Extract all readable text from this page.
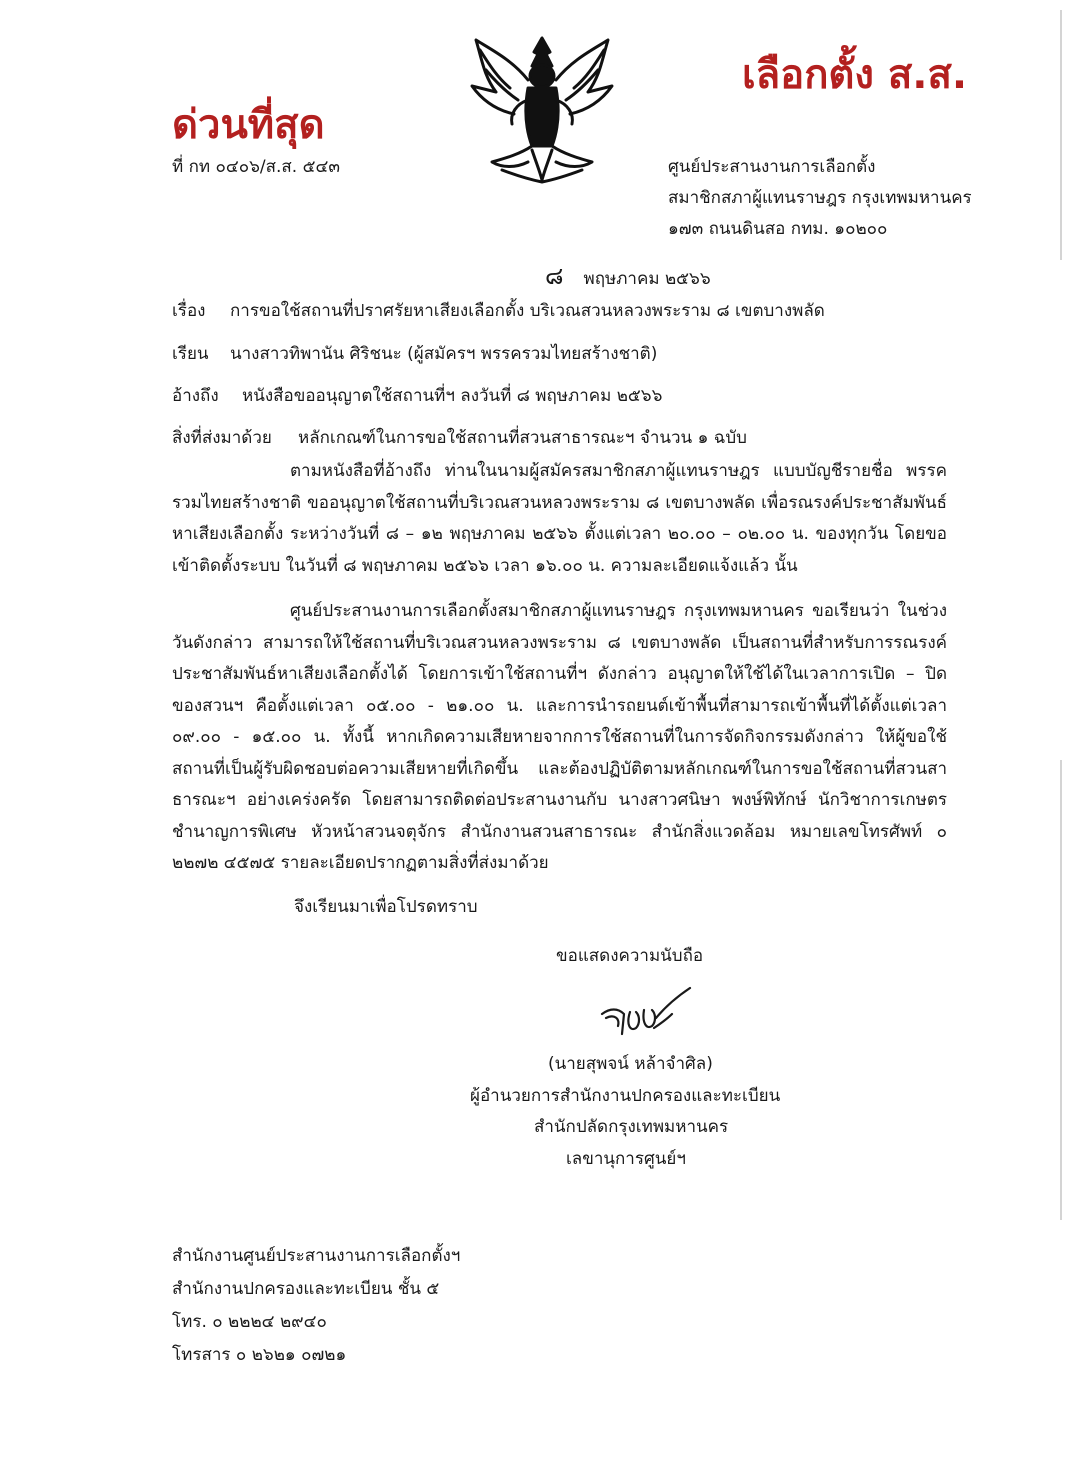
ด่วนที่สุด
เลือกตั้ง ส.ส.
ที่ กท ๐๔๐๖/ส.ส. ๕๔๓	ศูนย์ประสานงานการเลือกตั้ง
สมาชิกสภาผู้แทนราษฎร กรุงเทพมหานคร
๑๗๓ ถนนดินสอ กทม. ๑๐๒๐๐
๘ พฤษภาคม ๒๕๖๖
เรื่อง การขอใช้สถานที่ปราศรัยหาเสียงเลือกตั้ง บริเวณสวนหลวงพระราม ๘ เขตบางพลัด
เรียน นางสาวทิพานัน ศิริชนะ (ผู้สมัครฯ พรรครวมไทยสร้างชาติ)
อ้างถึง หนังสือขออนุญาตใช้สถานที่ฯ ลงวันที่ ๘ พฤษภาคม ๒๕๖๖
สิ่งที่ส่งมาด้วย หลักเกณฑ์ในการขอใช้สถานที่สวนสาธารณะฯ จำนวน ๑ ฉบับ
ตามหนังสือที่อ้างถึง ท่านในนามผู้สมัครสมาชิกสภาผู้แทนราษฎร แบบบัญชีรายชื่อ พรรครวมไทยสร้างชาติ ขออนุญาตใช้สถานที่บริเวณสวนหลวงพระราม ๘ เขตบางพลัด เพื่อรณรงค์ประชาสัมพันธ์หาเสียงเลือกตั้ง ระหว่างวันที่ ๘ – ๑๒ พฤษภาคม ๒๕๖๖ ตั้งแต่เวลา ๒๐.๐๐ – ๐๒.๐๐ น. ของทุกวัน โดยขอเข้าติดตั้งระบบ ในวันที่ ๘ พฤษภาคม ๒๕๖๖ เวลา ๑๖.๐๐ น. ความละเอียดแจ้งแล้ว นั้น
ศูนย์ประสานงานการเลือกตั้งสมาชิกสภาผู้แทนราษฎร กรุงเทพมหานคร ขอเรียนว่า ในช่วงวันดังกล่าว สามารถให้ใช้สถานที่บริเวณสวนหลวงพระราม ๘ เขตบางพลัด เป็นสถานที่สำหรับการรณรงค์ประชาสัมพันธ์หาเสียงเลือกตั้งได้ โดยการเข้าใช้สถานที่ฯ ดังกล่าว อนุญาตให้ใช้ได้ในเวลาการเปิด – ปิด ของสวนฯ คือตั้งแต่เวลา ๐๕.๐๐ - ๒๑.๐๐ น. และการนำรถยนต์เข้าพื้นที่สามารถเข้าพื้นที่ได้ตั้งแต่เวลา ๐๙.๐๐ - ๑๕.๐๐ น. ทั้งนี้ หากเกิดความเสียหายจากการใช้สถานที่ในการจัดกิจกรรมดังกล่าว ให้ผู้ขอใช้สถานที่เป็นผู้รับผิดชอบต่อความเสียหายที่เกิดขึ้น และต้องปฏิบัติตามหลักเกณฑ์ในการขอใช้สถานที่สวนสาธารณะฯ อย่างเคร่งครัด โดยสามารถติดต่อประสานงานกับ นางสาวศนิษา พงษ์พิทักษ์ นักวิชาการเกษตรชำนาญการพิเศษ หัวหน้าสวนจตุจักร สำนักงานสวนสาธารณะ สำนักสิ่งแวดล้อม หมายเลขโทรศัพท์ ๐ ๒๒๗๒ ๔๕๗๕ รายละเอียดปรากฏตามสิ่งที่ส่งมาด้วย
จึงเรียนมาเพื่อโปรดทราบ
ขอแสดงความนับถือ
(นายสุพจน์ หล้าจำศิล)
ผู้อำนวยการสำนักงานปกครองและทะเบียน
สำนักปลัดกรุงเทพมหานคร
เลขานุการศูนย์ฯ
สำนักงานศูนย์ประสานงานการเลือกตั้งฯ
สำนักงานปกครองและทะเบียน ชั้น ๕
โทร. ๐ ๒๒๒๔ ๒๙๔๐
โทรสาร ๐ ๒๖๒๑ ๐๗๒๑
